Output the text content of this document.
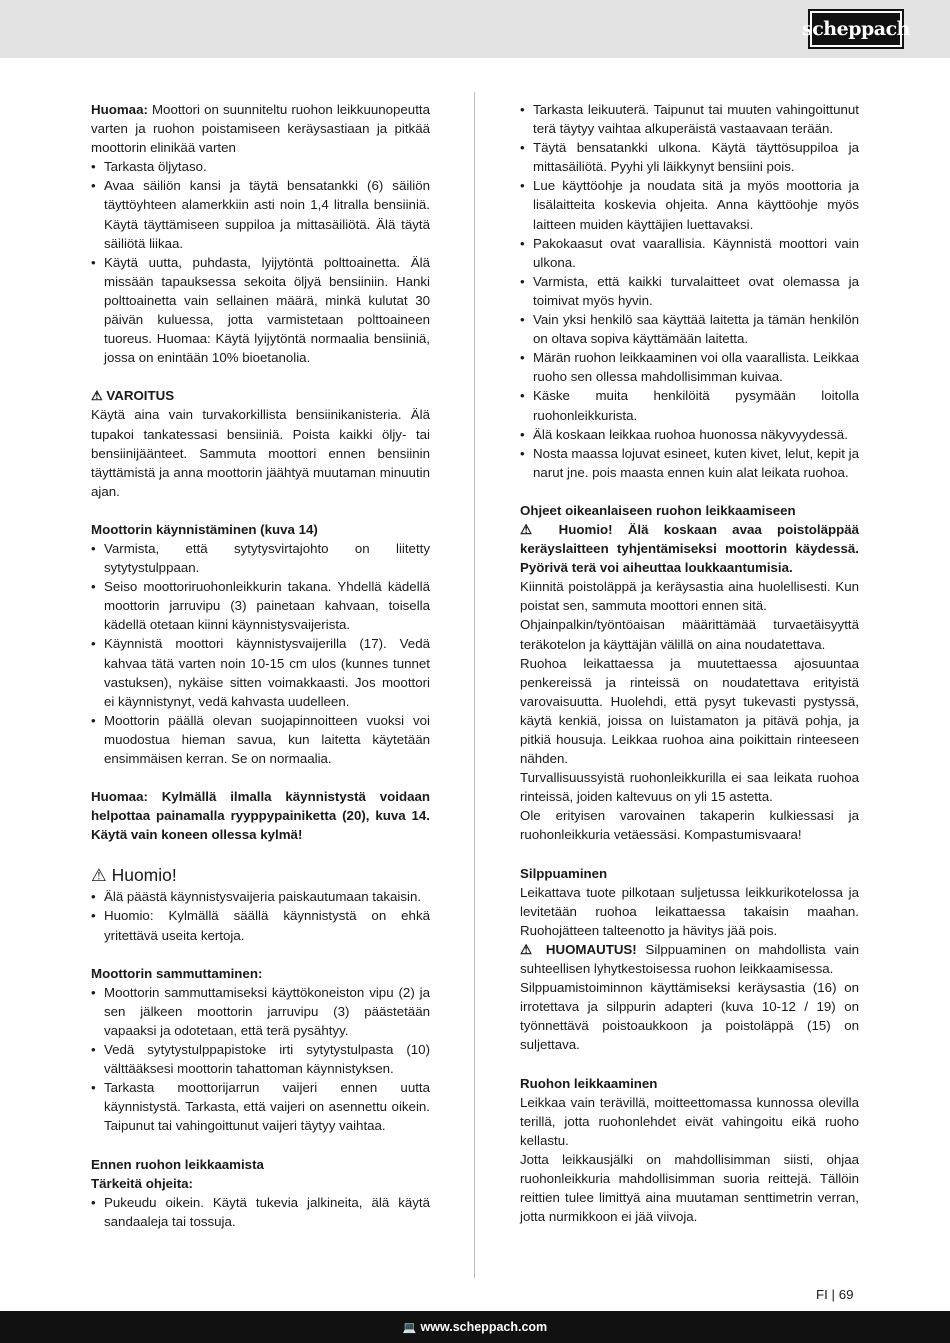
scheppach

Huomaa: Moottori on suunniteltu ruohon leikkuunopeutta varten ja ruohon poistamiseen keräysastiaan ja pitkää moottorin elinikää varten

• Tarkasta öljytaso.
• Avaa säiliön kansi ja täytä bensatankki (6) säiliön täyttöyhteen alamerkkiin asti noin 1,4 litralla bensiiniä. Käytä täyttämiseen suppiloa ja mittasäiliötä. Älä täytä säiliötä liikaa.
• Käytä uutta, puhdasta, lyijytöntä polttoainetta. Älä missään tapauksessa sekoita öljyä bensiiniin. Hanki polttoainetta vain sellainen määrä, minkä kulutat 30 päivän kuluessa, jotta varmistetaan polttoaineen tuoreus. Huomaa: Käytä lyijytöntä normaalia bensiiniä, jossa on enintään 10% bioetanolia.

⚠ VAROITUS

Käytä aina vain turvakorkillista bensiinikanisteria. Älä tupakoi tankatessasi bensiiniä. Poista kaikki öljy- tai bensiinijäänteet. Sammuta moottori ennen bensiinin täyttämistä ja anna moottorin jäähtyä muutaman minuutin ajan.

Moottorin käynnistäminen (kuva 14)

• Varmista, että sytytysvirtajohto on liitetty sytytystulppaan.
• Seiso moottoriruohonleikkurin takana. Yhdellä kädellä moottorin jarruvipu (3) painetaan kahvaan, toisella kädellä otetaan kiinni käynnistysvaijerista.
• Käynnistä moottori käynnistysvaijerilla (17). Vedä kahvaa tätä varten noin 10-15 cm ulos (kunnes tunnet vastuksen), nykäise sitten voimakkaasti. Jos moottori ei käynnistynyt, vedä kahvasta uudelleen.
• Moottorin päällä olevan suojapinnoitteen vuoksi voi muodostua hieman savua, kun laitetta käytetään ensimmäisen kerran. Se on normaalia.

Huomaa: Kylmällä ilmalla käynnistystä voidaan helpottaa painamalla ryyppypainiketta (20), kuva 14. Käytä vain koneen ollessa kylmä!

⚠ Huomio!

• Älä päästä käynnistysvaijeria paiskautumaan takaisin.
• Huomio: Kylmällä säällä käynnistystä on ehkä yritettävä useita kertoja.

Moottorin sammuttaminen:

• Moottorin sammuttamiseksi käyttökoneiston vipu (2) ja sen jälkeen moottorin jarruvipu (3) päästetään vapaaksi ja odotetaan, että terä pysähtyy.
• Vedä sytytystulppapistoke irti sytytystulpasta (10) välttääksesi moottorin tahattoman käynnistyksen.
• Tarkasta moottorijarrun vaijeri ennen uutta käynnistystä. Tarkasta, että vaijeri on asennettu oikein. Taipunut tai vahingoittunut vaijeri täytyy vaihtaa.

Ennen ruohon leikkaamista

Tärkeitä ohjeita:

• Pukeudu oikein. Käytä tukevia jalkineita, älä käytä sandaaleja tai tossuja.
• Tarkasta leikuuterä. Taipunut tai muuten vahingoittunut terä täytyy vaihtaa alkuperäistä vastaavaan terään.
• Täytä bensatankki ulkona. Käytä täyttösuppiloa ja mittasäiliötä. Pyyhi yli läikkynyt bensiini pois.
• Lue käyttöohje ja noudata sitä ja myös moottoria ja lisälaitteita koskevia ohjeita. Anna käyttöohje myös laitteen muiden käyttäjien luettavaksi.
• Pakokaasut ovat vaarallisia. Käynnistä moottori vain ulkona.
• Varmista, että kaikki turvalaitteet ovat olemassa ja toimivat myös hyvin.
• Vain yksi henkilö saa käyttää laitetta ja tämän henkilön on oltava sopiva käyttämään laitetta.
• Märän ruohon leikkaaminen voi olla vaarallista. Leikkaa ruoho sen ollessa mahdollisimman kuivaa.
• Käske muita henkilöitä pysymään loitolla ruohonleikkurista.
• Älä koskaan leikkaa ruohoa huonossa näkyvyydessä.
• Nosta maassa lojuvat esineet, kuten kivet, lelut, kepit ja narut jne. pois maasta ennen kuin alat leikata ruohoa.

Ohjeet oikeanlaiseen ruohon leikkaamiseen

⚠ Huomio! Älä koskaan avaa poistoläppää keräyslaitteen tyhjentämiseksi moottorin käydessä. Pyörivä terä voi aiheuttaa loukkaantumisia.

Kiinnitä poistoläppä ja keräysastia aina huolellisesti. Kun poistat sen, sammuta moottori ennen sitä.

Ohjainpalkin/työntöaisan määrittämää turvaetäisyyttä teräkotelon ja käyttäjän välillä on aina noudatettava.

Ruohoa leikattaessa ja muutettaessa ajosuuntaa penkereissä ja rinteissä on noudatettava erityistä varovaisuutta. Huolehdi, että pysyt tukevasti pystyssä, käytä kenkiä, joissa on luistamaton ja pitävä pohja, ja pitkiä housuja. Leikkaa ruohoa aina poikittain rinteeseen nähden.

Turvallisuussyistä ruohonleikkurilla ei saa leikata ruohoa rinteissä, joiden kaltevuus on yli 15 astetta.

Ole erityisen varovainen takaperin kulkiessasi ja ruohonleikkuria vetäessäsi. Kompastumisvaara!

Silppuaminen

Leikattava tuote pilkotaan suljetussa leikkurikotelossa ja levitetään ruohoa leikattaessa takaisin maahan. Ruohojätteen talteenotto ja hävitys jää pois.

⚠ HUOMAUTUS! Silppuaminen on mahdollista vain suhteellisen lyhytkestoisessa ruohon leikkaamisessa.

Silppuamistoiminnon käyttämiseksi keräysastia (16) on irrotettava ja silppurin adapteri (kuva 10-12 / 19) on työnnettävä poistoaukkoon ja poistoläppä (15) on suljettava.

Ruohon leikkaaminen

Leikkaa vain terävillä, moitteettomassa kunnossa olevilla terillä, jotta ruohonlehdet eivät vahingoitu eikä ruoho kellastu.

Jotta leikkausjälki on mahdollisimman siisti, ohjaa ruohonleikkuria mahdollisimman suoria reittejä. Tällöin reittien tulee limittyä aina muutaman senttimetrin verran, jotta nurmikkoon ei jää viivoja.

FI | 69
💻 www.scheppach.com
